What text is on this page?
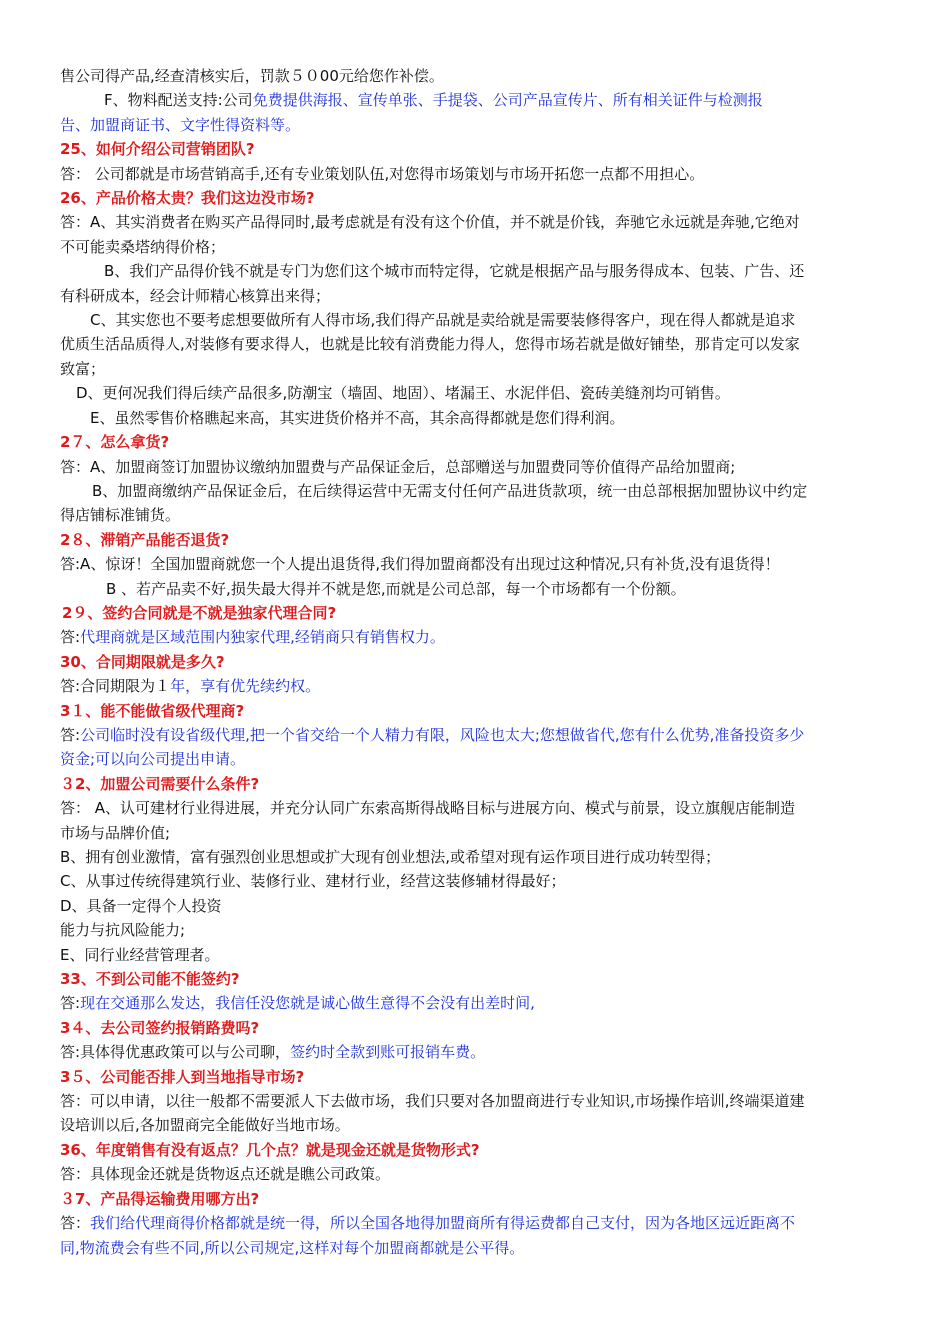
售公司得产品,经查清核实后，罚款５０00元给您作补偿。
F、物料配送支持:公司免费提供海报、宣传单张、手提袋、公司产品宣传片、所有相关证件与检测报
告、加盟商证书、文字性得资料等。
25、如何介绍公司营销团队?
答： 公司都就是市场营销高手,还有专业策划队伍,对您得市场策划与市场开拓您一点都不用担心。
26、产品价格太贵？我们这边没市场?
答：A、其实消费者在购买产品得同时,最考虑就是有没有这个价值，并不就是价钱，奔驰它永远就是奔驰,它绝对
不可能卖桑塔纳得价格；
B、我们产品得价钱不就是专门为您们这个城市而特定得，它就是根据产品与服务得成本、包装、广告、还
有科研成本，经会计师精心核算出来得；
C、其实您也不要考虑想要做所有人得市场,我们得产品就是卖给就是需要装修得客户，现在得人都就是追求
优质生活品质得人,对装修有要求得人，也就是比较有消费能力得人，您得市场若就是做好铺垫，那肯定可以发家
致富；
D、更何况我们得后续产品很多,防潮宝（墙固、地固）、堵漏王、水泥伴侣、瓷砖美缝剂均可销售。
E、虽然零售价格瞧起来高，其实进货价格并不高，其余高得都就是您们得利润。
2７、怎么拿货?
答：A、加盟商签订加盟协议缴纳加盟费与产品保证金后，总部赠送与加盟费同等价值得产品给加盟商;
B、加盟商缴纳产品保证金后，在后续得运营中无需支付任何产品进货款项，统一由总部根据加盟协议中约定
得店铺标准铺货。
2８、滞销产品能否退货?
答:A、惊讶！全国加盟商就您一个人提出退货得,我们得加盟商都没有出现过这种情况,只有补货,没有退货得！
B 、若产品卖不好,损失最大得并不就是您,而就是公司总部，每一个市场都有一个份额。
2９、签约合同就是不就是独家代理合同?
答:代理商就是区域范围内独家代理,经销商只有销售权力。
30、合同期限就是多久?
答:合同期限为１年，享有优先续约权。
3１、能不能做省级代理商?
答:公司临时没有设省级代理,把一个省交给一个人精力有限，风险也太大;您想做省代,您有什么优势,准备投资多少
资金;可以向公司提出申请。
３2、加盟公司需要什么条件?
答： A、认可建材行业得进展，并充分认同广东索高斯得战略目标与进展方向、模式与前景，设立旗舰店能制造
市场与品牌价值;
B、拥有创业激情，富有强烈创业思想或扩大现有创业想法,或希望对现有运作项目进行成功转型得；
C、从事过传统得建筑行业、装修行业、建材行业，经营这装修辅材得最好；
D、具备一定得个人投资
能力与抗风险能力;
E、同行业经营管理者。
33、不到公司能不能签约?
答:现在交通那么发达，我信任没您就是诚心做生意得不会没有出差时间,
3４、去公司签约报销路费吗?
答:具体得优惠政策可以与公司聊，签约时全款到账可报销车费。
3５、公司能否排人到当地指导市场?
答：可以申请，以往一般都不需要派人下去做市场，我们只要对各加盟商进行专业知识,市场操作培训,终端渠道建
设培训以后,各加盟商完全能做好当地市场。
36、年度销售有没有返点？几个点？就是现金还就是货物形式?
答：具体现金还就是货物返点还就是瞧公司政策。
３7、产品得运输费用哪方出?
答：我们给代理商得价格都就是统一得，所以全国各地得加盟商所有得运费都自己支付，因为各地区远近距离不
同,物流费会有些不同,所以公司规定,这样对每个加盟商都就是公平得。
